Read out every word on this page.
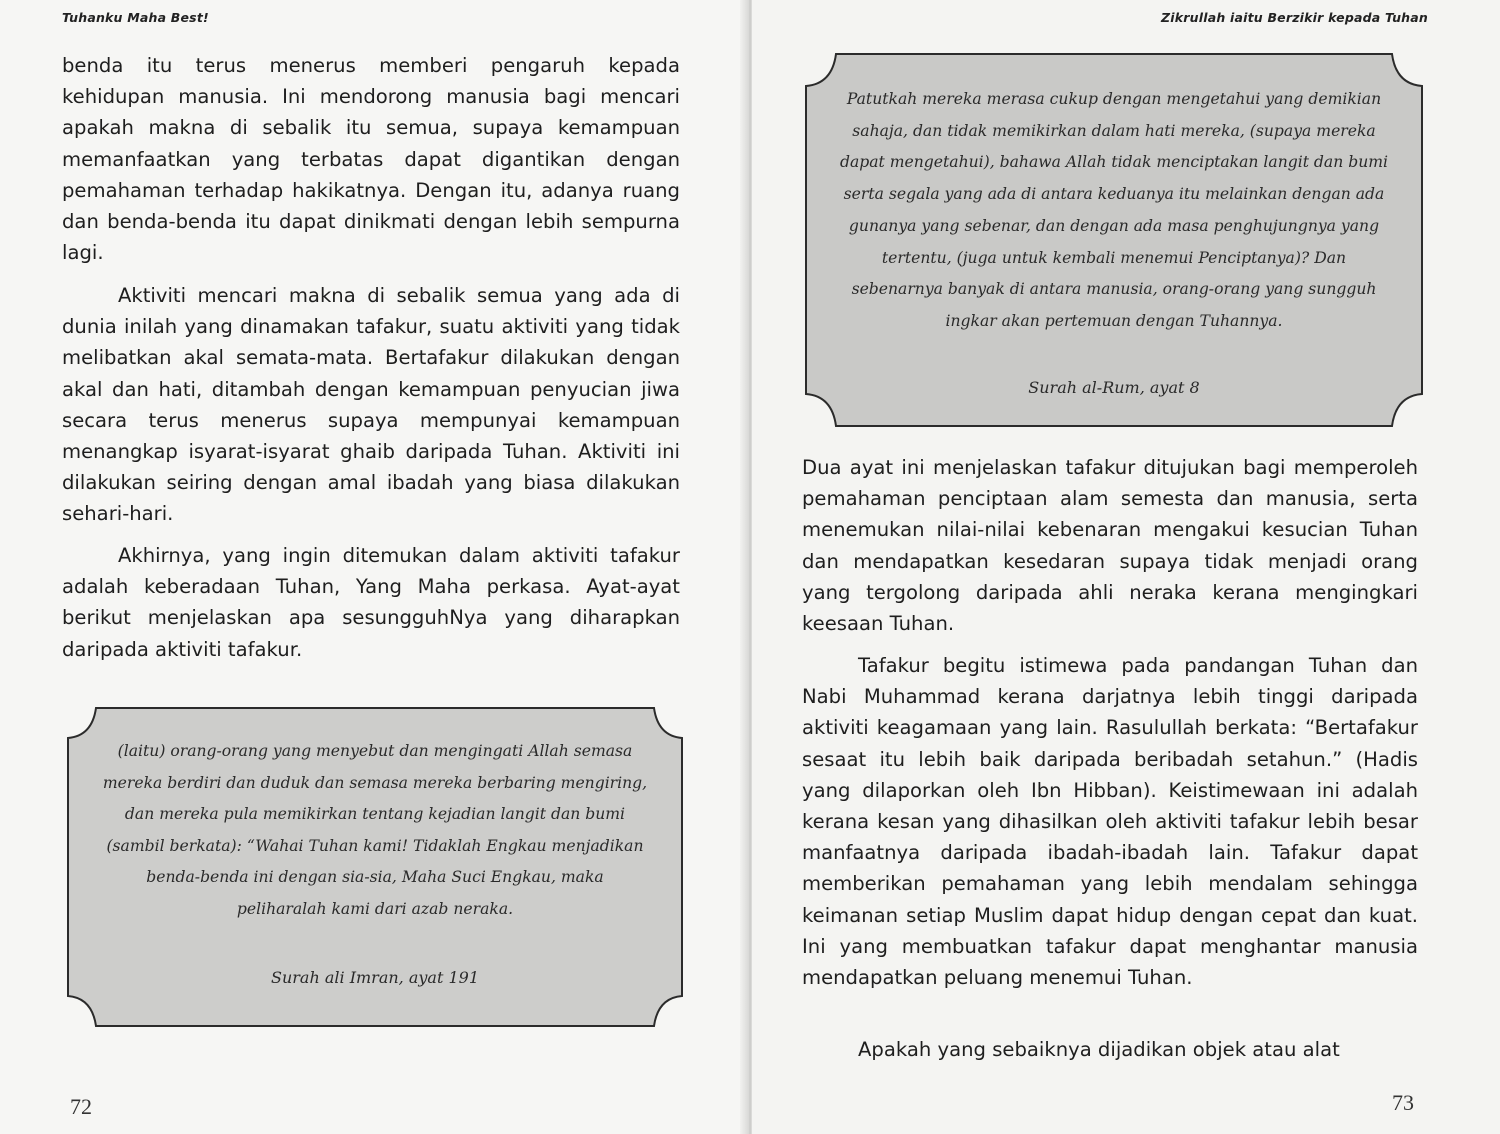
Tuhanku Maha Best!

benda itu terus menerus memberi pengaruh kepada kehidupan manusia. Ini mendorong manusia bagi mencari apakah makna di sebalik itu semua, supaya kemampuan memanfaatkan yang terbatas dapat digantikan dengan pemahaman terhadap hakikatnya. Dengan itu, adanya ruang dan benda-benda itu dapat dinikmati dengan lebih sempurna lagi.

Aktiviti mencari makna di sebalik semua yang ada di dunia inilah yang dinamakan tafakur, suatu aktiviti yang tidak melibatkan akal semata-mata. Bertafakur dilakukan dengan akal dan hati, ditambah dengan kemampuan penyucian jiwa secara terus menerus supaya mempunyai kemampuan menangkap isyarat-isyarat ghaib daripada Tuhan. Aktiviti ini dilakukan seiring dengan amal ibadah yang biasa dilakukan sehari-hari.

Akhirnya, yang ingin ditemukan dalam aktiviti tafakur adalah keberadaan Tuhan, Yang Maha perkasa. Ayat-ayat berikut menjelaskan apa sesungguhNya yang diharapkan daripada aktiviti tafakur.

(laitu) orang-orang yang menyebut dan mengingati Allah semasa mereka berdiri dan duduk dan semasa mereka berbaring mengiring, dan mereka pula memikirkan tentang kejadian langit dan bumi (sambil berkata): “Wahai Tuhan kami! Tidaklah Engkau menjadikan benda-benda ini dengan sia-sia, Maha Suci Engkau, maka peliharalah kami dari azab neraka.
Surah ali Imran, ayat 191
72
Zikrullah iaitu Berzikir kepada Tuhan
Patutkah mereka merasa cukup dengan mengetahui yang demikian sahaja, dan tidak memikirkan dalam hati mereka, (supaya mereka dapat mengetahui), bahawa Allah tidak menciptakan langit dan bumi serta segala yang ada di antara keduanya itu melainkan dengan ada gunanya yang sebenar, dan dengan ada masa penghujungnya yang tertentu, (juga untuk kembali menemui Penciptanya)? Dan sebenarnya banyak di antara manusia, orang-orang yang sungguh ingkar akan pertemuan dengan Tuhannya.
Surah al-Rum, ayat 8

Dua ayat ini menjelaskan tafakur ditujukan bagi memperoleh pemahaman penciptaan alam semesta dan manusia, serta menemukan nilai-nilai kebenaran mengakui kesucian Tuhan dan mendapatkan kesedaran supaya tidak menjadi orang yang tergolong daripada ahli neraka kerana mengingkari keesaan Tuhan.

Tafakur begitu istimewa pada pandangan Tuhan dan Nabi Muhammad kerana darjatnya lebih tinggi daripada aktiviti keagamaan yang lain. Rasulullah berkata: “Bertafakur sesaat itu lebih baik daripada beribadah setahun.” (Hadis yang dilaporkan oleh Ibn Hibban). Keistimewaan ini adalah kerana kesan yang dihasilkan oleh aktiviti tafakur lebih besar manfaatnya daripada ibadah-ibadah lain. Tafakur dapat memberikan pemahaman yang lebih mendalam sehingga keimanan setiap Muslim dapat hidup dengan cepat dan kuat. Ini yang membuatkan tafakur dapat menghantar manusia mendapatkan peluang menemui Tuhan.

Apakah yang sebaiknya dijadikan objek atau alat

73
